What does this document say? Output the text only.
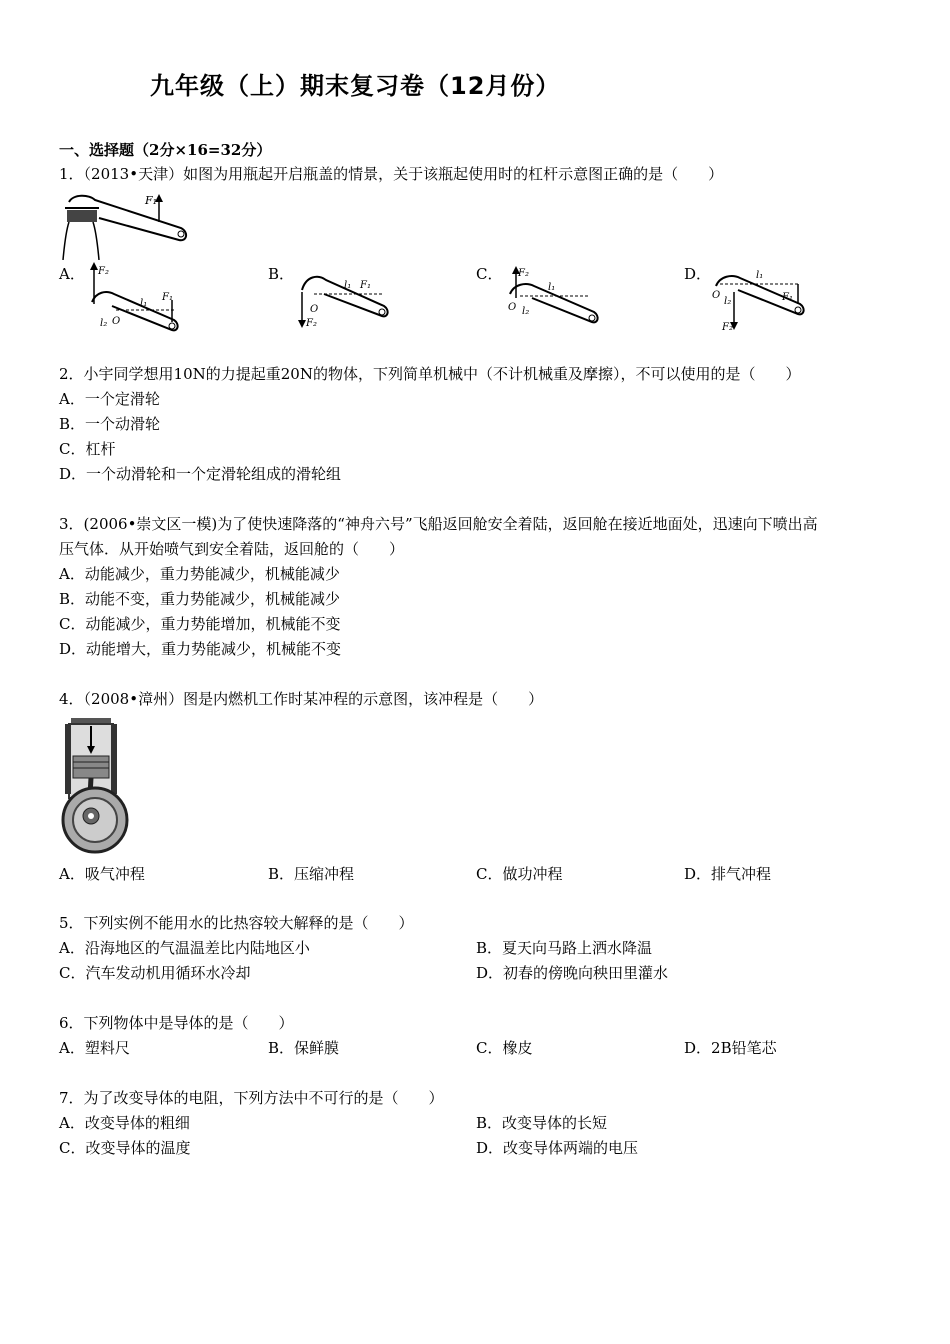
九年级（上）期末复习卷（12月份）
一、选择题（2分×16=32分）
1．（2013•天津）如图为用瓶起开启瓶盖的情景，关于该瓶起使用时的杠杆示意图正确的是（　　）
F₁
A． F₂
F₁
l₁
l₂ O
B．
F₂
l₁ F₁
O
C． F₂
l₁
O l₂
D．	l₁
F₁
O
l₂
F₂
2．小宇同学想用10N的力提起重20N的物体，下列简单机械中（不计机械重及摩擦），不可以使用的是（　　）
A．一个定滑轮
B．一个动滑轮
C．杠杆
D．一个动滑轮和一个定滑轮组成的滑轮组
3．(2006•崇文区一模)为了使快速降落的“神舟六号”飞船返回舱安全着陆，返回舱在接近地面处，迅速向下喷出高
压气体．从开始喷气到安全着陆，返回舱的（　　）
A．动能减少，重力势能减少，机械能减少
B．动能不变，重力势能减少，机械能减少
C．动能减少，重力势能增加，机械能不变
D．动能增大，重力势能减少，机械能不变
4．（2008•漳州）图是内燃机工作时某冲程的示意图，该冲程是（　　）
A．吸气冲程	B．压缩冲程	C．做功冲程	D．排气冲程
5．下列实例不能用水的比热容较大解释的是（　　）
A．沿海地区的气温温差比内陆地区小	B．夏天向马路上洒水降温
C．汽车发动机用循环水冷却	D．初春的傍晚向秧田里灌水
6．下列物体中是导体的是（　　）
A．塑料尺	B．保鲜膜	C．橡皮	D．2B铅笔芯
7．为了改变导体的电阻，下列方法中不可行的是（　　）
A．改变导体的粗细	B．改变导体的长短
C．改变导体的温度	D．改变导体两端的电压
